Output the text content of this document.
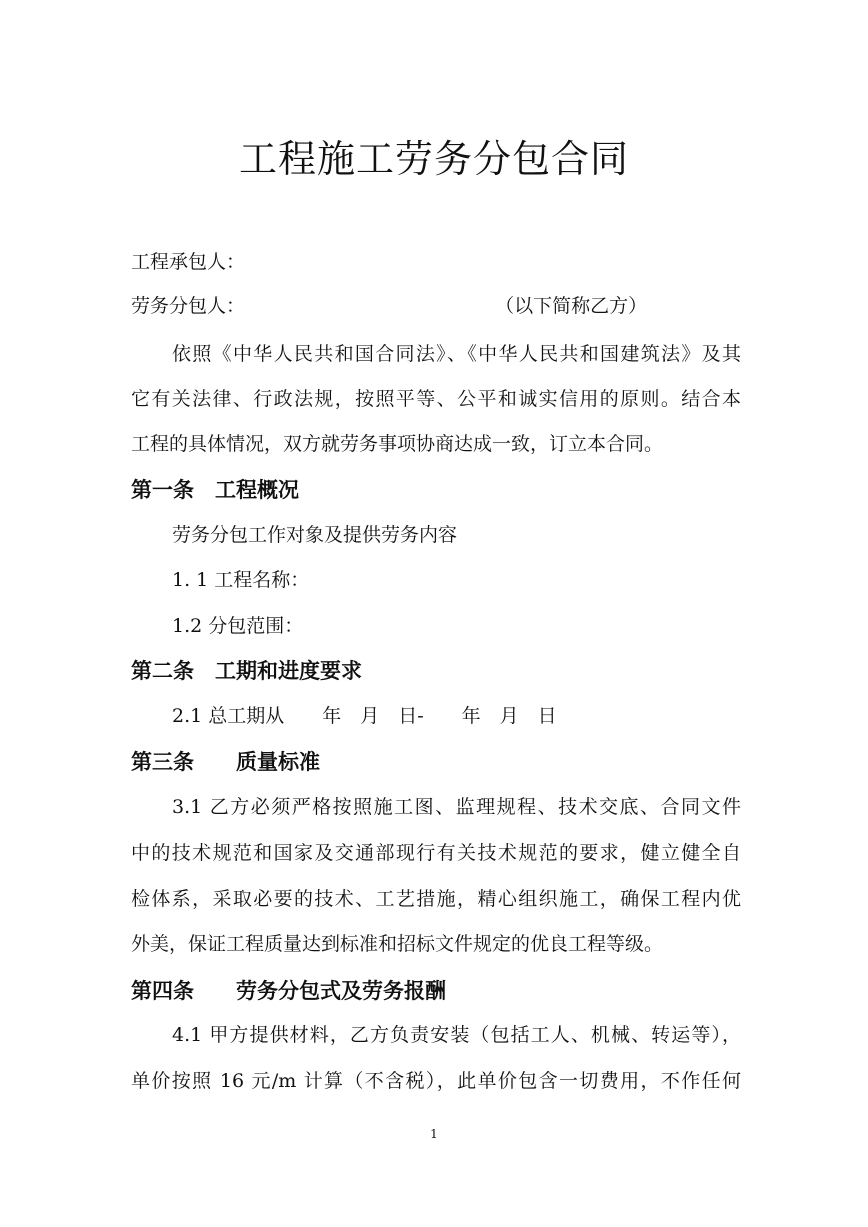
工程施工劳务分包合同
工程承包人：
劳务分包人：	（以下简称乙方）
依照《中华人民共和国合同法》、《中华人民共和国建筑法》及其
它有关法律、行政法规，按照平等、公平和诚实信用的原则。结合本
工程的具体情况，双方就劳务事项协商达成一致，订立本合同。
第一条　工程概况
劳务分包工作对象及提供劳务内容
1. 1 工程名称：
1.2 分包范围：
第二条　工期和进度要求
2.1 总工期从　　年　月　日-　　年　月　日
第三条　　质量标准
3.1 乙方必须严格按照施工图、监理规程、技术交底、合同文件
中的技术规范和国家及交通部现行有关技术规范的要求，健立健全自
检体系，采取必要的技术、工艺措施，精心组织施工，确保工程内优
外美，保证工程质量达到标准和招标文件规定的优良工程等级。
第四条　　劳务分包式及劳务报酬
4.1 甲方提供材料，乙方负责安装（包括工人、机械、转运等），
单价按照 16 元/m 计算（不含税），此单价包含一切费用，不作任何
1
